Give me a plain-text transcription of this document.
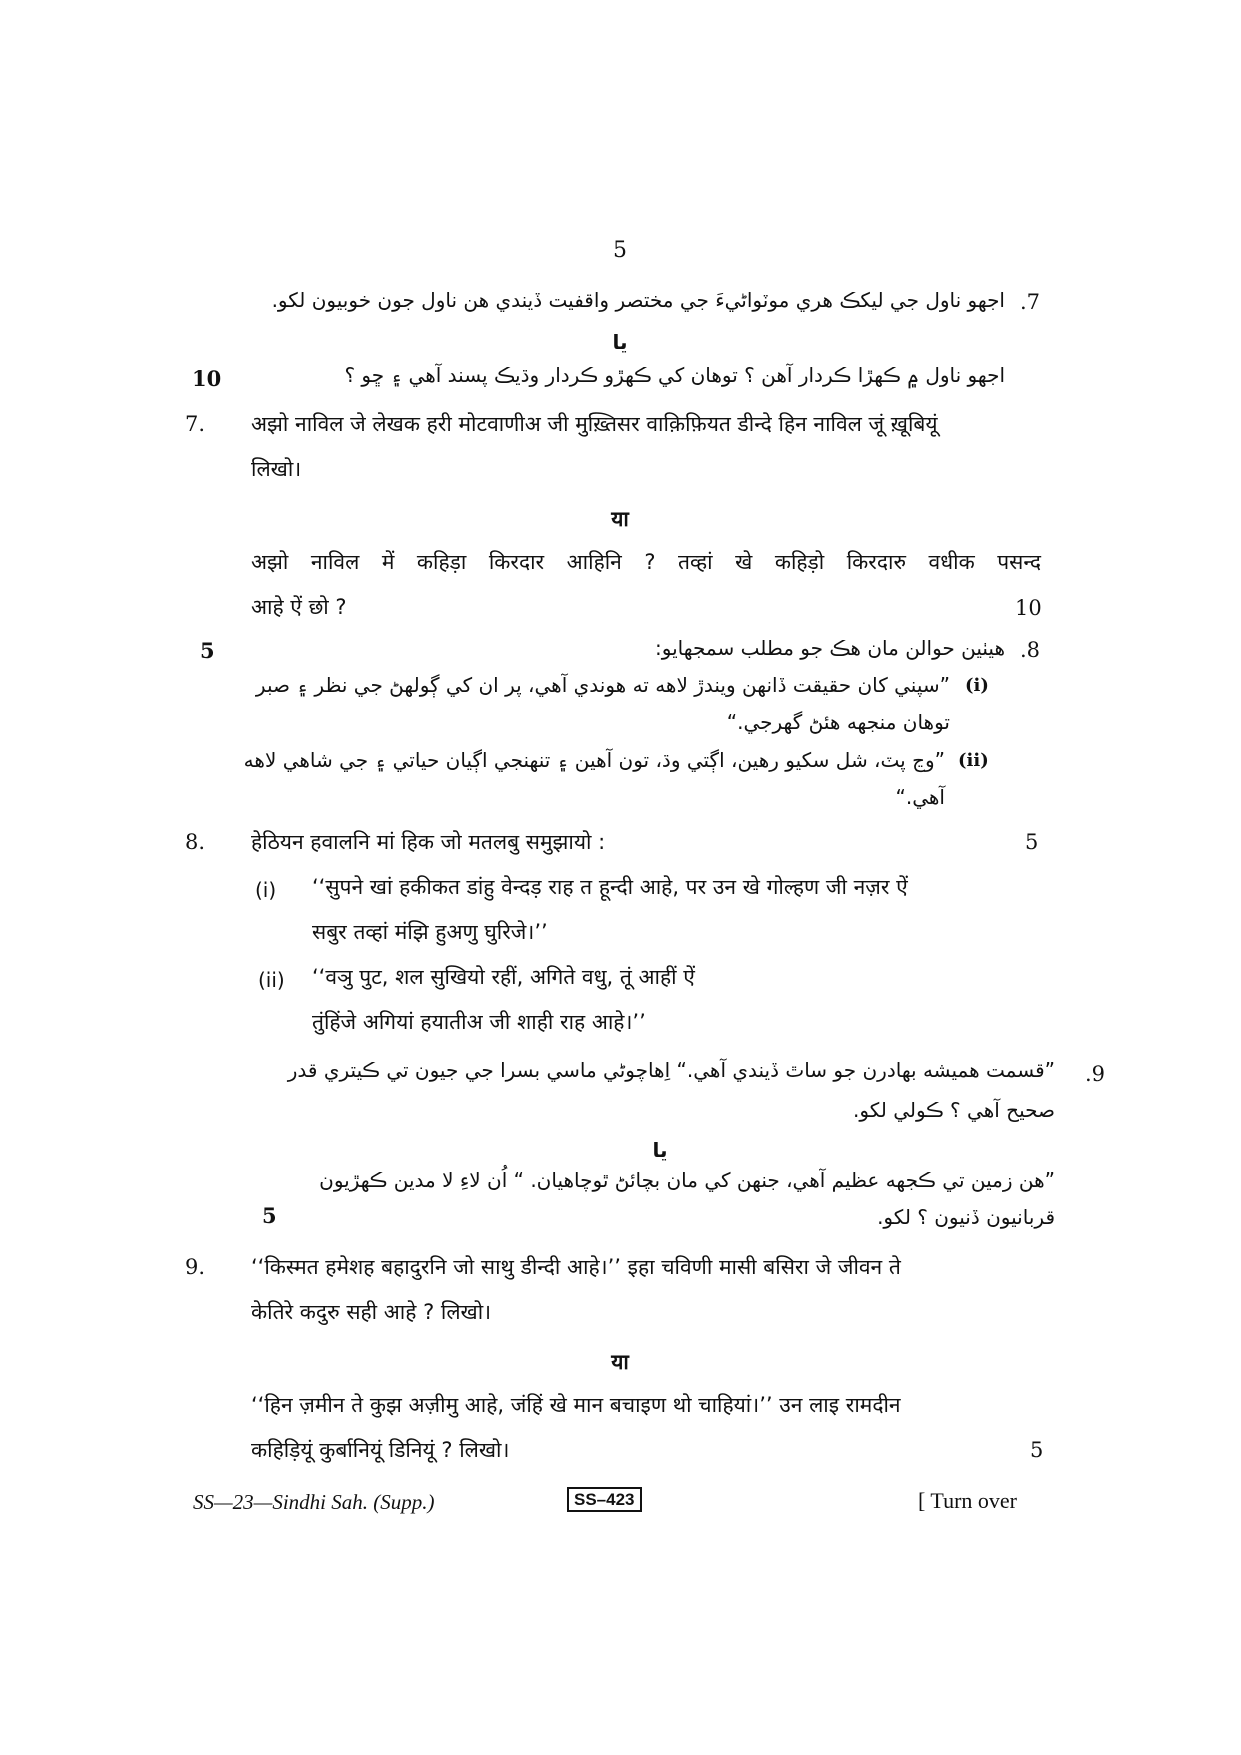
5
.7
اجهو ناول جي ليکڪ هري موٽواڻيءَ جي مختصر واقفيت ڏيندي هن ناول جون خوبيون لکو.
يا
اجهو ناول ۾ ڪهڙا ڪردار آهن ؟ توهان کي ڪهڙو ڪردار وڌيڪ پسند آهي ۽ ڇو ؟
10
7. अझो नाविल जे लेखक हरी मोटवाणीअ जी मुख़्तिसर वाक़िफ़ियत डीन्दे हिन नाविल जूं ख़ूबियूं
लिखो।
या
अझो नाविल में कहिड़ा किरदार आहिनि ? तव्हां खे कहिड़ो किरदारु वधीक पसन्द
आहे ऐं छो ?	10
.8
هيٺين حوالن مان هڪ جو مطلب سمجهايو:
5
(i)
”سپني کان حقيقت ڏانهن ويندڙ لاهه ته هوندي آهي، پر ان کي ڳولهڻ جي نظر ۽ صبر
توهان منجهه هئڻ گهرجي.“
(ii)
”وڃ پٽ، شل سکيو رهين، اڳتي وڌ، تون آهين ۽ تنهنجي اڳيان حياتي ۽ جي شاهي لاهه
آهي.“
8. हेठियन हवालनि मां हिक जो मतलबु समुझायो :	5
(i) ‘‘सुपने खां हकीकत डांहु वेन्दड़ राह त हून्दी आहे, पर उन खे गोल्हण जी नज़र ऐं
सबुर तव्हां मंझि हुअणु घुरिजे।’’
(ii) ‘‘वञु पुट, शल सुखियो रहीं, अगिते वधु, तूं आहीं ऐं
तुंहिंजे अगियां हयातीअ जी शाही राह आहे।’’
.9
”قسمت هميشه بهادرن جو ساٿ ڏيندي آهي.“ اِهاچوڻي ماسي بسرا جي جيون تي ڪيتري قدر
صحيح آهي ؟ ڪولي لکو.
يا
”هن زمين تي ڪجهه عظيم آهي، جنهن کي مان بچائڻ ٿوچاهيان. “ اُن لاءِ لا مدين ڪهڙيون
قربانيون ڏنيون ؟ لکو.
5
9. ‘‘किस्मत हमेशह बहादुरनि जो साथु डीन्दी आहे।’’ इहा चविणी मासी बसिरा जे जीवन ते
केतिरे कदुरु सही आहे ? लिखो।
या
‘‘हिन ज़मीन ते कुझ अज़ीमु आहे, जंहिं खे मान बचाइण थो चाहियां।’’ उन लाइ रामदीन
कहिड़ियूं कुर्बानियूं डिनियूं ? लिखो।	5
SS—23—Sindhi Sah. (Supp.)	SS–423	[ Turn over
